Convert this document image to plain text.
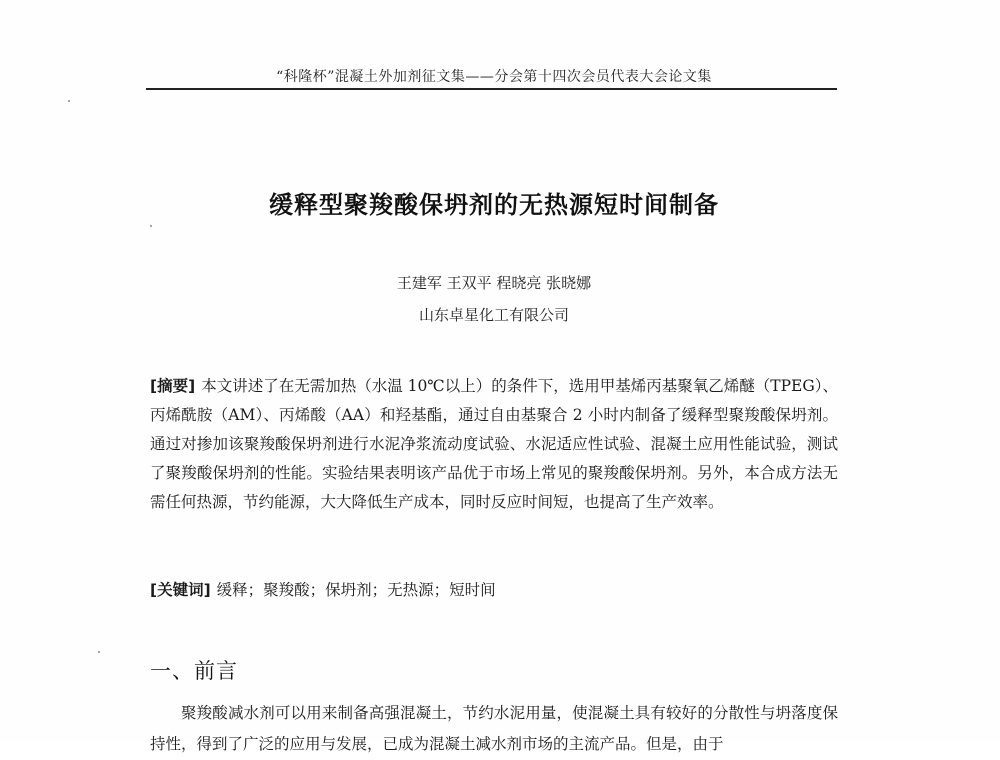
“科隆杯”混凝土外加剂征文集——分会第十四次会员代表大会论文集
缓释型聚羧酸保坍剂的无热源短时间制备
王建军 王双平 程晓亮 张晓娜
山东卓星化工有限公司
[摘要] 本文讲述了在无需加热（水温 10℃以上）的条件下，选用甲基烯丙基聚氧乙烯醚（TPEG）、丙烯酰胺（AM）、丙烯酸（AA）和羟基酯，通过自由基聚合 2 小时内制备了缓释型聚羧酸保坍剂。通过对掺加该聚羧酸保坍剂进行水泥净浆流动度试验、水泥适应性试验、混凝土应用性能试验，测试了聚羧酸保坍剂的性能。实验结果表明该产品优于市场上常见的聚羧酸保坍剂。另外，本合成方法无需任何热源，节约能源，大大降低生产成本，同时反应时间短，也提高了生产效率。
[关键词] 缓释；聚羧酸；保坍剂；无热源；短时间
一、前言
聚羧酸减水剂可以用来制备高强混凝土，节约水泥用量，使混凝土具有较好的分散性与坍落度保持性，得到了广泛的应用与发展，已成为混凝土减水剂市场的主流产品。但是，由于
